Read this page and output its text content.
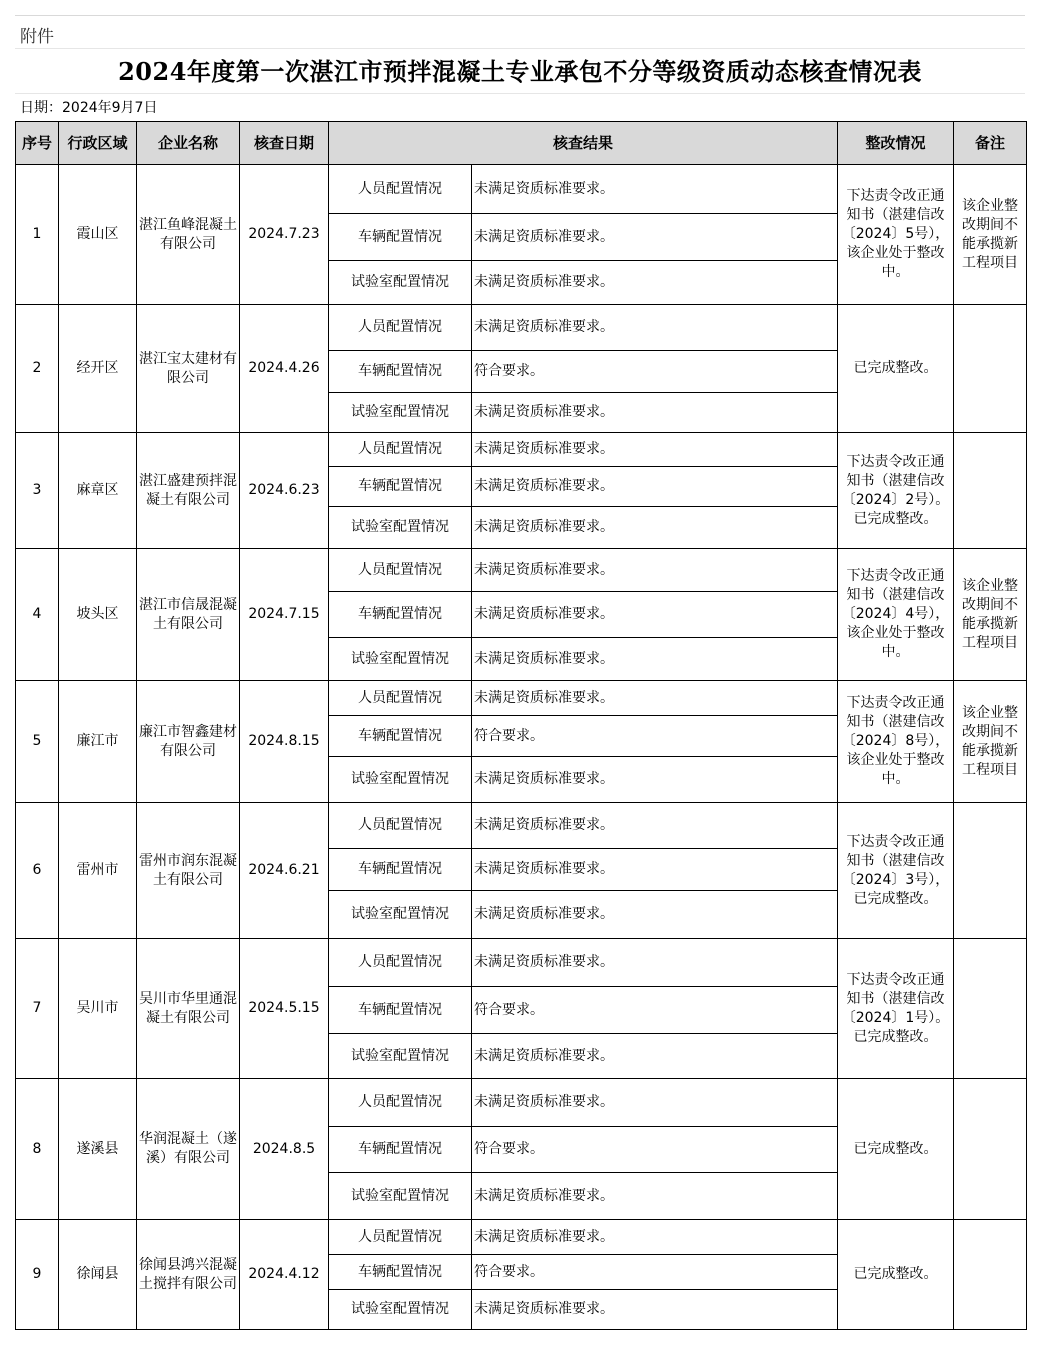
附件
2024年度第一次湛江市预拌混凝土专业承包不分等级资质动态核查情况表
日期：2024年9月7日
序号	行政区域	企业名称	核查日期	核查结果		整改情况	备注
1	霞山区	湛江鱼峰混凝土有限公司	2024.7.23	人员配置情况	未满足资质标准要求。	下达责令改正通知书（湛建信改〔2024〕5号），该企业处于整改中。	该企业整改期间不能承揽新工程项目
				车辆配置情况	未满足资质标准要求。		
				试验室配置情况	未满足资质标准要求。		
2	经开区	湛江宝太建材有限公司	2024.4.26	人员配置情况	未满足资质标准要求。	已完成整改。	
				车辆配置情况	符合要求。		
				试验室配置情况	未满足资质标准要求。		
3	麻章区	湛江盛建预拌混凝土有限公司	2024.6.23	人员配置情况	未满足资质标准要求。	下达责令改正通知书（湛建信改〔2024〕2号）。已完成整改。	
				车辆配置情况	未满足资质标准要求。		
				试验室配置情况	未满足资质标准要求。		
4	坡头区	湛江市信晟混凝土有限公司	2024.7.15	人员配置情况	未满足资质标准要求。	下达责令改正通知书（湛建信改〔2024〕4号），该企业处于整改中。	该企业整改期间不能承揽新工程项目
				车辆配置情况	未满足资质标准要求。		
				试验室配置情况	未满足资质标准要求。		
5	廉江市	廉江市智鑫建材有限公司	2024.8.15	人员配置情况	未满足资质标准要求。	下达责令改正通知书（湛建信改〔2024〕8号），该企业处于整改中。	该企业整改期间不能承揽新工程项目
				车辆配置情况	符合要求。		
				试验室配置情况	未满足资质标准要求。		
6	雷州市	雷州市润东混凝土有限公司	2024.6.21	人员配置情况	未满足资质标准要求。	下达责令改正通知书（湛建信改〔2024〕3号），已完成整改。	
				车辆配置情况	未满足资质标准要求。		
				试验室配置情况	未满足资质标准要求。		
7	吴川市	吴川市华里通混凝土有限公司	2024.5.15	人员配置情况	未满足资质标准要求。	下达责令改正通知书（湛建信改〔2024〕1号）。已完成整改。	
				车辆配置情况	符合要求。		
				试验室配置情况	未满足资质标准要求。		
8	遂溪县	华润混凝土（遂溪）有限公司	2024.8.5	人员配置情况	未满足资质标准要求。	已完成整改。	
				车辆配置情况	符合要求。		
				试验室配置情况	未满足资质标准要求。		
9	徐闻县	徐闻县鸿兴混凝土搅拌有限公司	2024.4.12	人员配置情况	未满足资质标准要求。	已完成整改。	
				车辆配置情况	符合要求。		
				试验室配置情况	未满足资质标准要求。		
